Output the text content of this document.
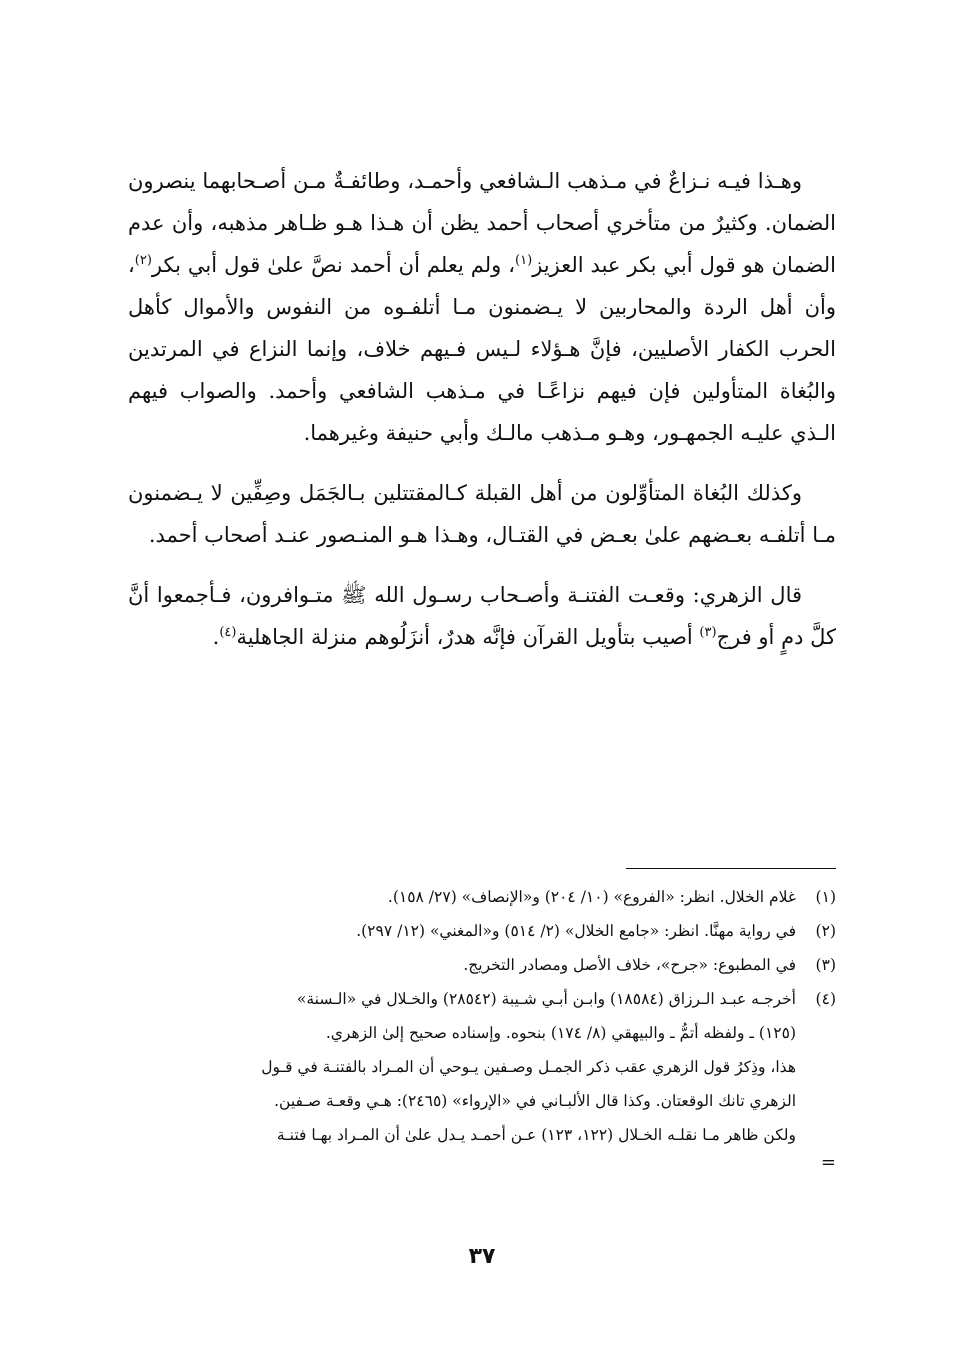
وهـذا فيـه نـزاعٌ في مـذهب الـشافعي وأحمـد، وطائفـةٌ مـن أصـحابهما ينصرون الضمان. وكثيرٌ من متأخري أصحاب أحمد يظن أن هـذا هـو ظـاهر مذهبه، وأن عدم الضمان هو قول أبي بكر عبد العزيز$^{(١)}$، ولم يعلم أن أحمد نصَّ علىٰ قول أبي بكر$^{(٢)}$، وأن أهل الردة والمحاربين لا يـضمنون مـا أتلفـوه من النفوس والأموال كأهل الحرب الكفار الأصليين، فإنَّ هـؤلاء لـيس فـيهم خلاف، وإنما النزاع في المرتدين والبُغاة المتأولين فإن فيهم نزاعًـا في مـذهب الشافعي وأحمد. والصواب فيهم الـذي عليـه الجمهـور، وهـو مـذهب مالـك وأبي حنيفة وغيرهما.

وكذلك البُغاة المتأوِّلون من أهل القبلة كـالمقتتلين بـالجَمَل وصِفِّين لا يـضمنون مـا أتلفـه بعـضهم علىٰ بعـض في القتـال، وهـذا هـو المنـصور عنـد أصحاب أحمد.

قال الزهري: وقعـت الفتنـة وأصـحاب رسـول الله ﷺ متـوافرون، فـأجمعوا أنَّ كلَّ دمٍ أو فرج$^{(٣)}$ أصيب بتأويل القرآن فإنَّه هدرٌ، أنزَلُوهم منزلة الجاهلية$^{(٤)}$.

(١)
غلام الخلال. انظر: «الفروع» (١٠/ ٢٠٤) و«الإنصاف» (٢٧/ ١٥٨).
(٢)
في رواية مهنَّا. انظر: «جامع الخلال» (٢/ ٥١٤) و«المغني» (١٢/ ٢٩٧).
(٣)
في المطبوع: «جرح»، خلاف الأصل ومصادر التخريج.
(٤)
أخرجـه عبـد الـرزاق (١٨٥٨٤) وابـن أبـي شـيبة (٢٨٥٤٢) والخـلال في «الـسنة»
(١٢٥) ـ ولفظه أتمُّ ـ والبيهقي (٨/ ١٧٤) بنحوه. وإسناده صحيح إلىٰ الزهري.
هذا، وذِكرُ قول الزهري عقب ذكر الجمـل وصـفين يـوحي أن المـراد بالفتنـة في قـول
الزهري تانك الوقعتان. وكذا قال الألبـاني في «الإرواء» (٢٤٦٥): هـي وقعـة صـفين.
ولكن ظاهر مـا نقلـه الخـلال (١٢٢، ١٢٣) عـن أحمـد يـدل علىٰ أن المـراد بهـا فتنـة
=
٣٧
